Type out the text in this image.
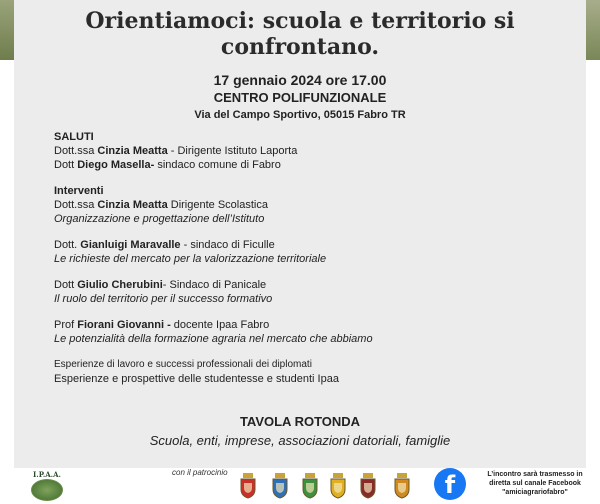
Orientiamoci: scuola e territorio si confrontano.
17 gennaio 2024 ore 17.00
CENTRO POLIFUNZIONALE
Via del Campo Sportivo, 05015 Fabro TR
SALUTI
Dott.ssa Cinzia Meatta - Dirigente Istituto Laporta
Dott Diego Masella- sindaco comune di Fabro
Interventi
Dott.ssa Cinzia Meatta Dirigente Scolastica
Organizzazione e progettazione dell’Istituto
Dott. Gianluigi Maravalle - sindaco di Ficulle
Le richieste del mercato per la valorizzazione territoriale
Dott Giulio Cherubini- Sindaco di Panicale
Il ruolo del territorio per il successo formativo
Prof Fiorani Giovanni - docente Ipaa Fabro
Le potenzialità della formazione agraria nel mercato che abbiamo
Esperienze di lavoro e successi professionali dei diplomati
Esperienze e prospettive delle studentesse e studenti Ipaa
TAVOLA ROTONDA
Scuola, enti, imprese, associazioni datoriali, famiglie
I.P.A.A.	con il patrocinio	f	L’incontro sarà trasmesso in
diretta sul canale Facebook
"amiciagrariofabro"
